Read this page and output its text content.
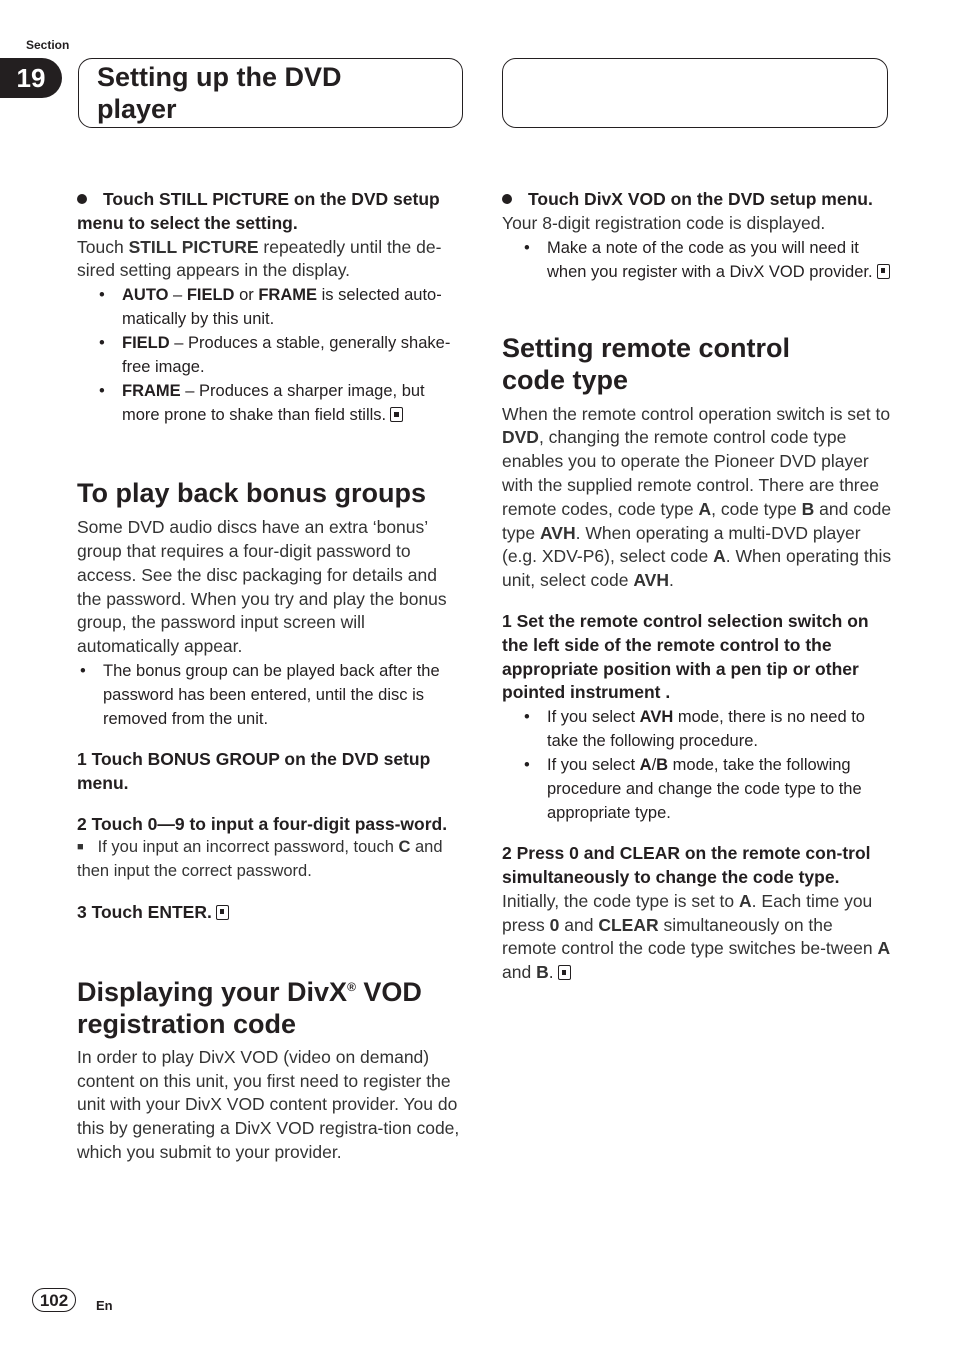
Section
19	Setting up the DVD
player

Touch STILL PICTURE on the DVD setup menu to select the setting.

Touch STILL PICTURE repeatedly until the de-sired setting appears in the display.

• AUTO – FIELD or FRAME is selected auto-matically by this unit.
• FIELD – Produces a stable, generally shake-free image.
• FRAME – Produces a sharper image, but more prone to shake than field stills.

To play back bonus groups

Some DVD audio discs have an extra ‘bonus’ group that requires a four-digit password to access. See the disc packaging for details and the password. When you try and play the bonus group, the password input screen will automatically appear.

• The bonus group can be played back after the password has been entered, until the disc is removed from the unit.

1 Touch BONUS GROUP on the DVD setup menu.

2 Touch 0—9 to input a four-digit pass-word.

■ If you input an incorrect password, touch C and then input the correct password.

3 Touch ENTER.

Displaying your DivX® VOD registration code

In order to play DivX VOD (video on demand) content on this unit, you first need to register the unit with your DivX VOD content provider. You do this by generating a DivX VOD registra-tion code, which you submit to your provider.

Touch DivX VOD on the DVD setup menu.

Your 8-digit registration code is displayed.

• Make a note of the code as you will need it when you register with a DivX VOD provider.

Setting remote control
code type

When the remote control operation switch is set to DVD, changing the remote control code type enables you to operate the Pioneer DVD player with the supplied remote control. There are three remote codes, code type A, code type B and code type AVH. When operating a multi-DVD player (e.g. XDV-P6), select code A. When operating this unit, select code AVH.

1 Set the remote control selection switch on the left side of the remote control to the appropriate position with a pen tip or other pointed instrument .

• If you select AVH mode, there is no need to take the following procedure.
• If you select A/B mode, take the following procedure and change the code type to the appropriate type.

2 Press 0 and CLEAR on the remote con-trol simultaneously to change the code type.

Initially, the code type is set to A. Each time you press 0 and CLEAR simultaneously on the remote control the code type switches be-tween A and B.

102	En
